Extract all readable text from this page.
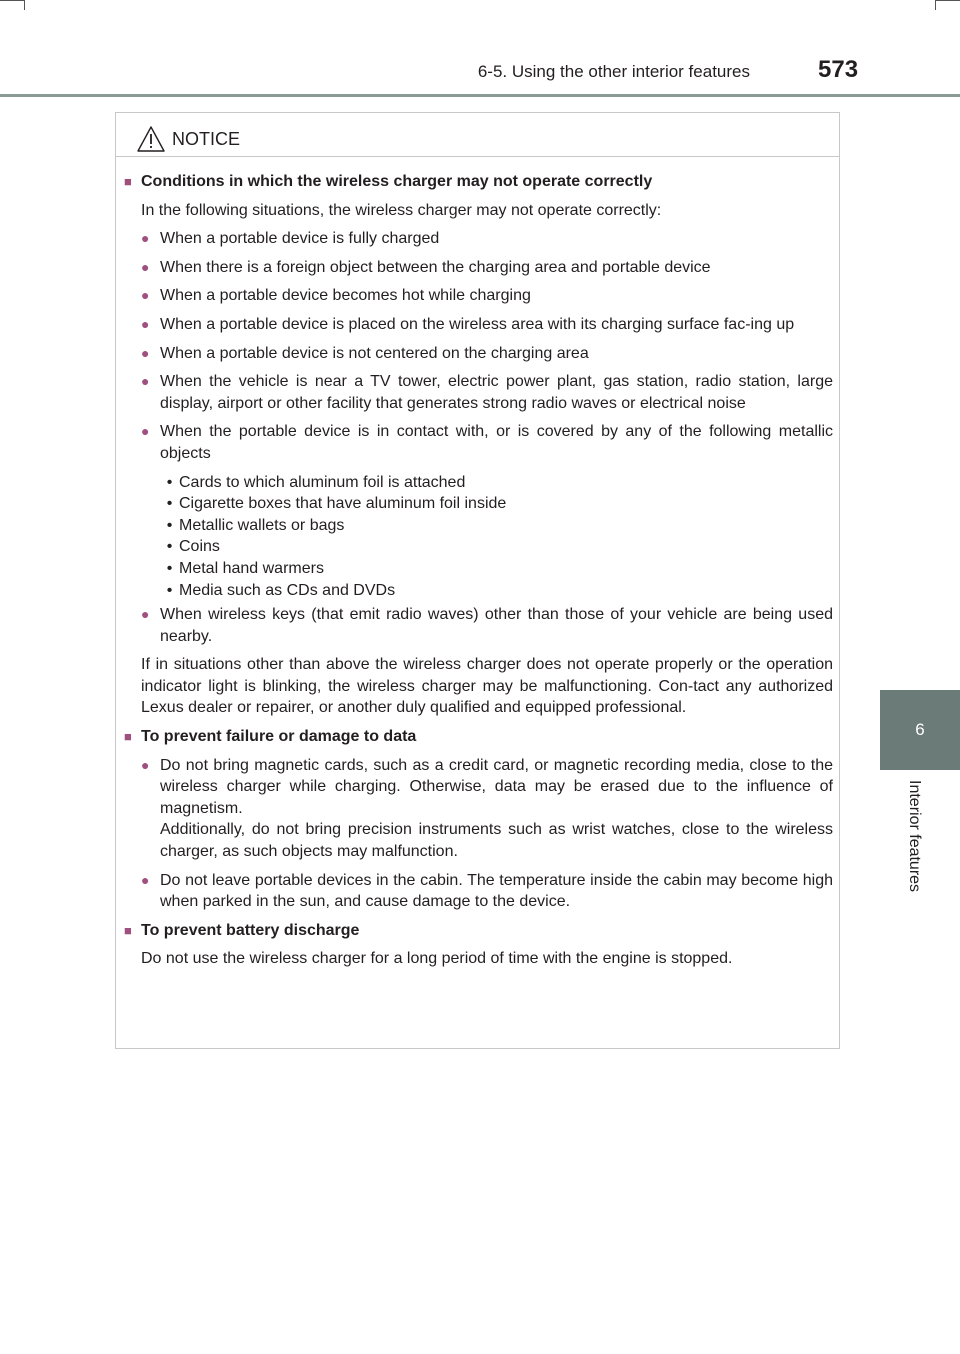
6-5. Using the other interior features	573
6
Interior features
NOTICE
■ Conditions in which the wireless charger may not operate correctly
In the following situations, the wireless charger may not operate correctly:
● When a portable device is fully charged
● When there is a foreign object between the charging area and portable device
● When a portable device becomes hot while charging
● When a portable device is placed on the wireless area with its charging surface fac-ing up
● When a portable device is not centered on the charging area
● When the vehicle is near a TV tower, electric power plant, gas station, radio station, large display, airport or other facility that generates strong radio waves or electrical noise
● When the portable device is in contact with, or is covered by any of the following metallic objects
• Cards to which aluminum foil is attached
• Cigarette boxes that have aluminum foil inside
• Metallic wallets or bags
• Coins
• Metal hand warmers
• Media such as CDs and DVDs
● When wireless keys (that emit radio waves) other than those of your vehicle are being used nearby.
If in situations other than above the wireless charger does not operate properly or the operation indicator light is blinking, the wireless charger may be malfunctioning. Con-tact any authorized Lexus dealer or repairer, or another duly qualified and equipped professional.
■ To prevent failure or damage to data
● Do not bring magnetic cards, such as a credit card, or magnetic recording media, close to the wireless charger while charging. Otherwise, data may be erased due to the influence of magnetism.
Additionally, do not bring precision instruments such as wrist watches, close to the wireless charger, as such objects may malfunction.
● Do not leave portable devices in the cabin. The temperature inside the cabin may become high when parked in the sun, and cause damage to the device.
■ To prevent battery discharge
Do not use the wireless charger for a long period of time with the engine is stopped.
